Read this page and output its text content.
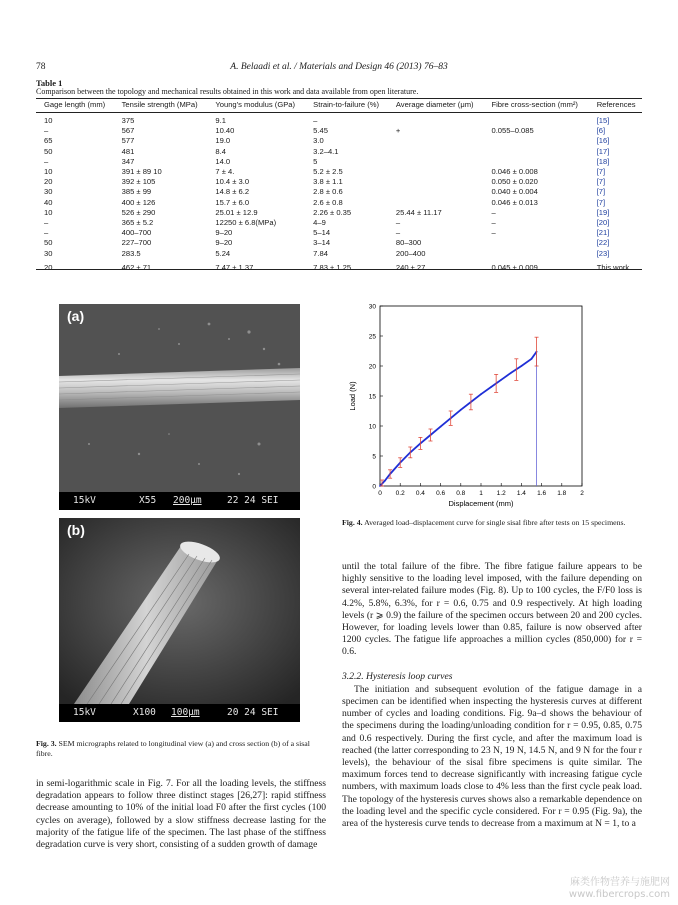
78	A. Belaadi et al. / Materials and Design 46 (2013) 76–83
Table 1
Comparison between the topology and mechanical results obtained in this work and data available from open literature.
Gage length (mm)	Tensile strength (MPa)	Young's modulus (GPa)	Strain-to-failure (%)	Average diameter (μm)	Fibre cross-section (mm²)	References
10	375	9.1	–			[15]
–	567	10.40	5.45	+	0.055–0.085	[6]
65	577	19.0	3.0			[16]
50	481	8.4	3.2–4.1			[17]
–	347	14.0	5			[18]
10	391 ± 89 10	7 ± 4.	5.2 ± 2.5		0.046 ± 0.008	[7]
20	392 ± 105	10.4 ± 3.0	3.8 ± 1.1		0.050 ± 0.020	[7]
30	385 ± 99	14.8 ± 6.2	2.8 ± 0.6		0.040 ± 0.004	[7]
40	400 ± 126	15.7 ± 6.0	2.6 ± 0.8		0.046 ± 0.013	[7]
10	526 ± 290	25.01 ± 12.9	2.26 ± 0.35	25.44 ± 11.17	–	[19]
–	365 ± 5.2	12250 ± 6.8(MPa)	4–9	–	–	[20]
–	400–700	9–20	5–14	–	–	[21]
50	227–700	9–20	3–14	80–300		[22]
30	283.5	5.24	7.84	200–400		[23]
20	462 ± 71	7.47 ± 1.37	7.83 ± 1.25	240 ± 27	0.045 ± 0.009	This work
(a)
15kV	X55 200μm	22 24 SEI
(b)
15kV	X100 100μm	20 24 SEI
Fig. 3. SEM micrographs related to longitudinal view (a) and cross section (b) of a sisal fibre.
0 0.2 0.4 0.6 0.8 1 1.2 1.4 1.6 1.8 2
0
5
10
15
20
25
30
Displacement (mm)
Load (N)
Fig. 4. Averaged load–displacement curve for single sisal fibre after tests on 15 specimens.

in semi-logarithmic scale in Fig. 7. For all the loading levels, the stiffness degradation appears to follow three distinct stages [26,27]: rapid stiffness decrease amounting to 10% of the initial load F0 after the first cycles (100 cycles on average), followed by a slow stiffness decrease lasting for the majority of the fatigue life of the specimen. The last phase of the stiffness degradation curve is very short, consisting of a sudden growth of damage

until the total failure of the fibre. The fibre fatigue failure appears to be highly sensitive to the loading level imposed, with the failure depending on several inter-related failure modes (Fig. 8). Up to 100 cycles, the F/F0 loss is 4.2%, 5.8%, 6.3%, for r = 0.6, 0.75 and 0.9 respectively. At high loading levels (r ⩾ 0.9) the failure of the specimen occurs between 20 and 200 cycles. However, for loading levels lower than 0.85, failure is now observed after 1200 cycles. The fatigue life approaches a million cycles (850,000) for r = 0.6.

3.2.2. Hysteresis loop curves

The initiation and subsequent evolution of the fatigue damage in a specimen can be identified when inspecting the hysteresis curves at different number of cycles and loading conditions. Fig. 9a–d shows the behaviour of the specimens during the loading/unloading condition for r = 0.95, 0.85, 0.75 and 0.6 respectively. During the first cycle, and after the maximum load is reached (the latter corresponding to 23 N, 19 N, 14.5 N, and 9 N for the four r levels), the behaviour of the sisal fibre specimens is quite similar. The maximum forces tend to decrease significantly with increasing fatigue cycle numbers, with maximum loads close to 4% less than the first cycle peak load. The topology of the hysteresis curves shows also a remarkable dependence on the loading level and the specific cycle considered. For r = 0.95 (Fig. 9a), the area of the hysteresis curve tends to decrease from a maximum at N = 1, to a

麻类作物营养与施肥网
www.fibercrops.com
